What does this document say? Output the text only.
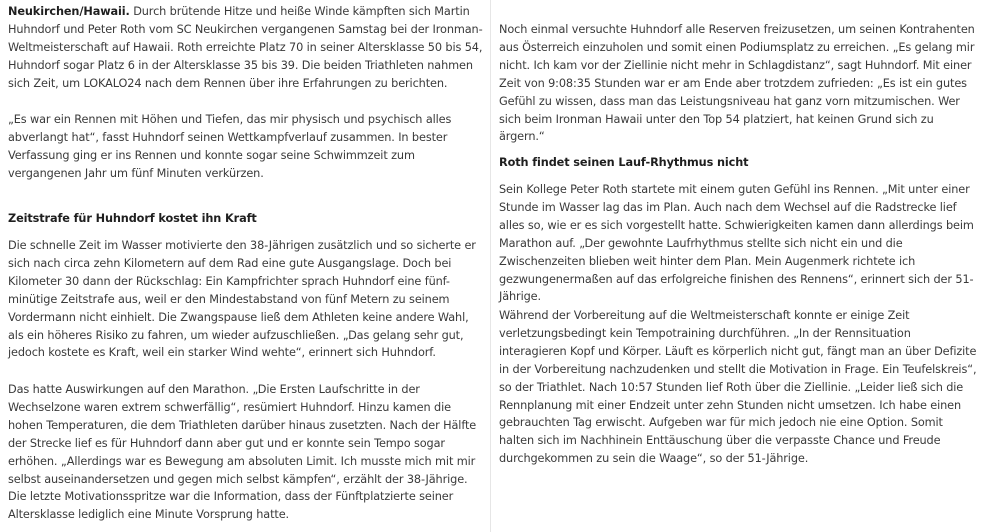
Neukirchen/Hawaii. Durch brütende Hitze und heiße Winde kämpften sich Martin Huhndorf und Peter Roth vom SC Neukirchen vergangenen Samstag bei der Ironman-Weltmeisterschaft auf Hawaii. Roth erreichte Platz 70 in seiner Altersklasse 50 bis 54, Huhndorf sogar Platz 6 in der Altersklasse 35 bis 39. Die beiden Triathleten nahmen sich Zeit, um LOKALO24 nach dem Rennen über ihre Erfahrungen zu berichten.

„Es war ein Rennen mit Höhen und Tiefen, das mir physisch und psychisch alles abverlangt hat“, fasst Huhndorf seinen Wettkampfverlauf zusammen. In bester Verfassung ging er ins Rennen und konnte sogar seine Schwimmzeit zum vergangenen Jahr um fünf Minuten verkürzen.

Zeitstrafe für Huhndorf kostet ihn Kraft

Die schnelle Zeit im Wasser motivierte den 38-Jährigen zusätzlich und so sicherte er sich nach circa zehn Kilometern auf dem Rad eine gute Ausgangslage. Doch bei Kilometer 30 dann der Rückschlag: Ein Kampfrichter sprach Huhndorf eine fünf-minütige Zeitstrafe aus, weil er den Mindestabstand von fünf Metern zu seinem Vordermann nicht einhielt. Die Zwangspause ließ dem Athleten keine andere Wahl, als ein höheres Risiko zu fahren, um wieder aufzuschließen. „Das gelang sehr gut, jedoch kostete es Kraft, weil ein starker Wind wehte“, erinnert sich Huhndorf.

Das hatte Auswirkungen auf den Marathon. „Die Ersten Laufschritte in der Wechselzone waren extrem schwerfällig“, resümiert Huhndorf. Hinzu kamen die hohen Temperaturen, die dem Triathleten darüber hinaus zusetzten. Nach der Hälfte der Strecke lief es für Huhndorf dann aber gut und er konnte sein Tempo sogar erhöhen. „Allerdings war es Bewegung am absoluten Limit. Ich musste mich mit mir selbst auseinandersetzen und gegen mich selbst kämpfen“, erzählt der 38-Jährige. Die letzte Motivationsspritze war die Information, dass der Fünftplatzierte seiner Altersklasse lediglich eine Minute Vorsprung hatte.

Noch einmal versuchte Huhndorf alle Reserven freizusetzen, um seinen Kontrahenten aus Österreich einzuholen und somit einen Podiumsplatz zu erreichen. „Es gelang mir nicht. Ich kam vor der Ziellinie nicht mehr in Schlagdistanz“, sagt Huhndorf. Mit einer Zeit von 9:08:35 Stunden war er am Ende aber trotzdem zufrieden: „Es ist ein gutes Gefühl zu wissen, dass man das Leistungsniveau hat ganz vorn mitzumischen. Wer sich beim Ironman Hawaii unter den Top 54 platziert, hat keinen Grund sich zu ärgern.“

Roth findet seinen Lauf-Rhythmus nicht

Sein Kollege Peter Roth startete mit einem guten Gefühl ins Rennen. „Mit unter einer Stunde im Wasser lag das im Plan. Auch nach dem Wechsel auf die Radstrecke lief alles so, wie er es sich vorgestellt hatte. Schwierigkeiten kamen dann allerdings beim Marathon auf. „Der gewohnte Laufrhythmus stellte sich nicht ein und die Zwischenzeiten blieben weit hinter dem Plan. Mein Augenmerk richtete ich gezwungenermaßen auf das erfolgreiche finishen des Rennens“, erinnert sich der 51-Jährige.

Während der Vorbereitung auf die Weltmeisterschaft konnte er einige Zeit verletzungsbedingt kein Tempotraining durchführen. „In der Rennsituation interagieren Kopf und Körper. Läuft es körperlich nicht gut, fängt man an über Defizite in der Vorbereitung nachzudenken und stellt die Motivation in Frage. Ein Teufelskreis“, so der Triathlet. Nach 10:57 Stunden lief Roth über die Ziellinie. „Leider ließ sich die Rennplanung mit einer Endzeit unter zehn Stunden nicht umsetzen. Ich habe einen gebrauchten Tag erwischt. Aufgeben war für mich jedoch nie eine Option. Somit halten sich im Nachhinein Enttäuschung über die verpasste Chance und Freude durchgekommen zu sein die Waage“, so der 51-Jährige.
